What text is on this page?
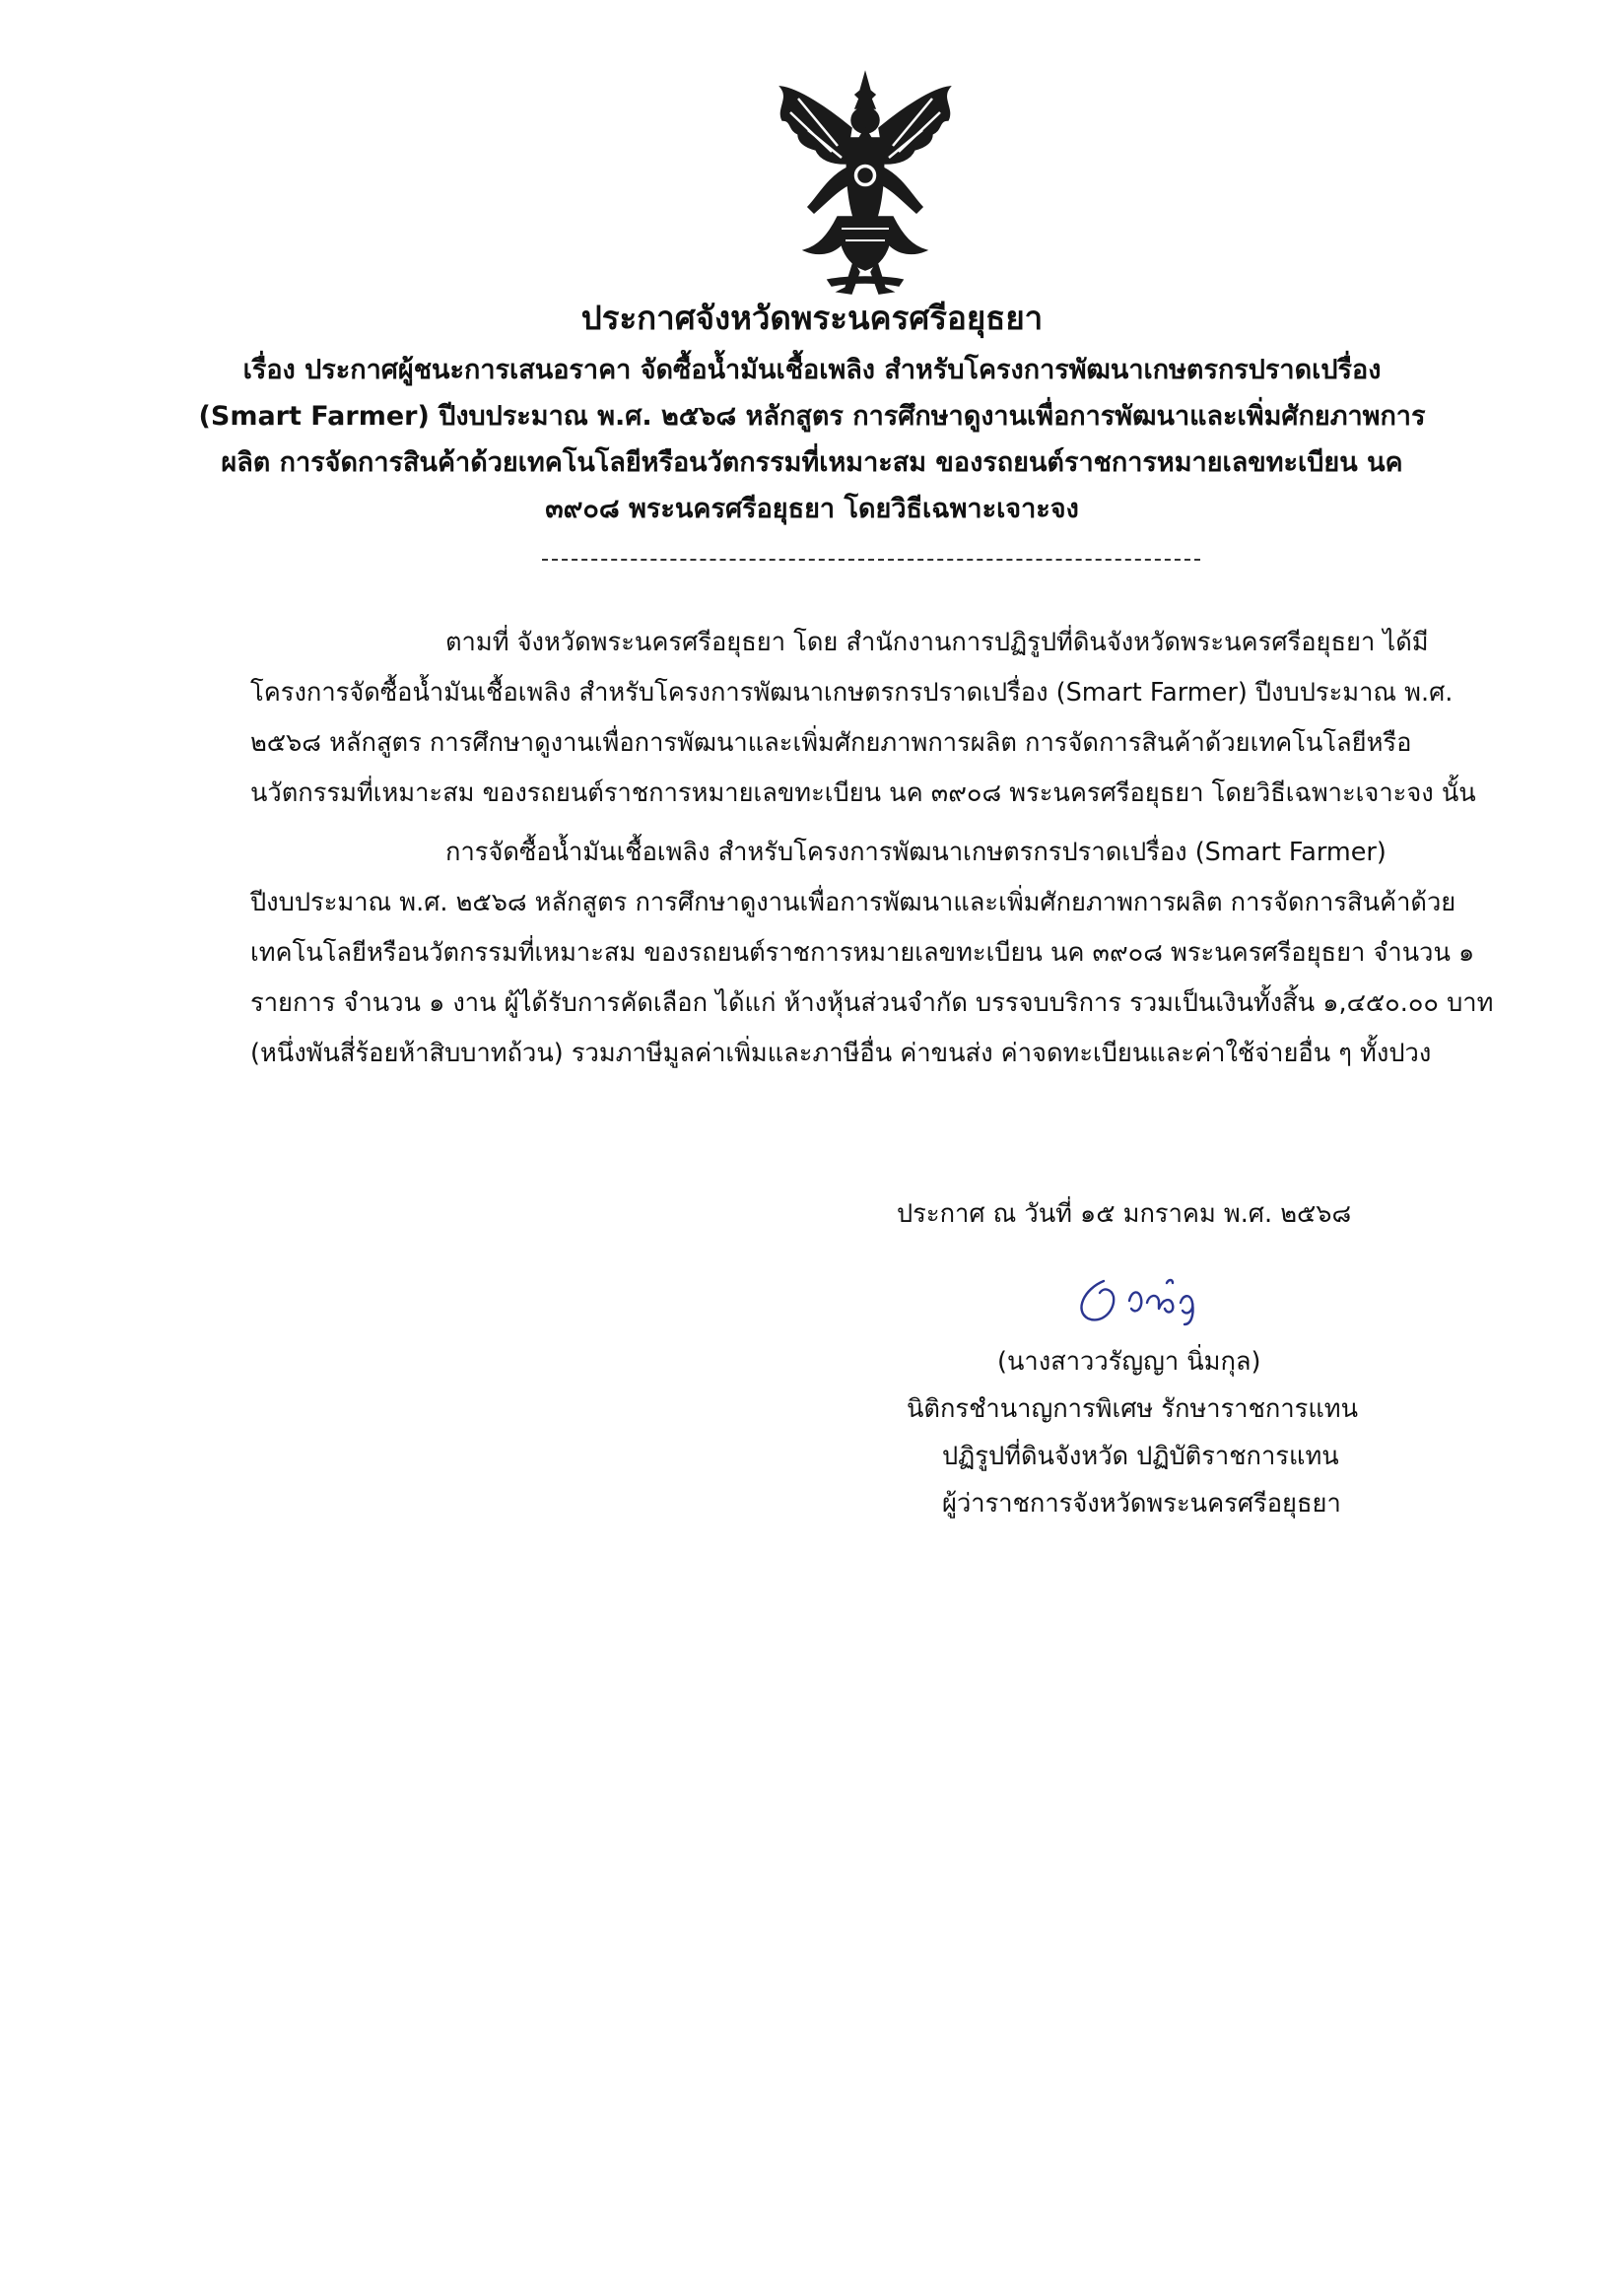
ประกาศจังหวัดพระนครศรีอยุธยา

เรื่อง ประกาศผู้ชนะการเสนอราคา จัดซื้อน้ำมันเชื้อเพลิง สำหรับโครงการพัฒนาเกษตรกรปราดเปรื่อง (Smart Farmer) ปีงบประมาณ พ.ศ. ๒๕๖๘ หลักสูตร การศึกษาดูงานเพื่อการพัฒนาและเพิ่มศักยภาพการผลิต การจัดการสินค้าด้วยเทคโนโลยีหรือนวัตกรรมที่เหมาะสม ของรถยนต์ราชการหมายเลขทะเบียน นค ๓๙๐๘ พระนครศรีอยุธยา โดยวิธีเฉพาะเจาะจง

ตามที่ จังหวัดพระนครศรีอยุธยา โดย สำนักงานการปฏิรูปที่ดินจังหวัดพระนครศรีอยุธยา ได้มีโครงการจัดซื้อน้ำมันเชื้อเพลิง สำหรับโครงการพัฒนาเกษตรกรปราดเปรื่อง (Smart Farmer) ปีงบประมาณ พ.ศ. ๒๕๖๘ หลักสูตร การศึกษาดูงานเพื่อการพัฒนาและเพิ่มศักยภาพการผลิต การจัดการสินค้าด้วยเทคโนโลยีหรือนวัตกรรมที่เหมาะสม ของรถยนต์ราชการหมายเลขทะเบียน นค ๓๙๐๘ พระนครศรีอยุธยา โดยวิธีเฉพาะเจาะจง นั้น

การจัดซื้อน้ำมันเชื้อเพลิง สำหรับโครงการพัฒนาเกษตรกรปราดเปรื่อง (Smart Farmer) ปีงบประมาณ พ.ศ. ๒๕๖๘ หลักสูตร การศึกษาดูงานเพื่อการพัฒนาและเพิ่มศักยภาพการผลิต การจัดการสินค้าด้วยเทคโนโลยีหรือนวัตกรรมที่เหมาะสม ของรถยนต์ราชการหมายเลขทะเบียน นค ๓๙๐๘ พระนครศรีอยุธยา จำนวน ๑ รายการ จำนวน ๑ งาน ผู้ได้รับการคัดเลือก ได้แก่ ห้างหุ้นส่วนจำกัด บรรจบบริการ รวมเป็นเงินทั้งสิ้น ๑,๔๕๐.๐๐ บาท (หนึ่งพันสี่ร้อยห้าสิบบาทถ้วน) รวมภาษีมูลค่าเพิ่มและภาษีอื่น ค่าขนส่ง ค่าจดทะเบียนและค่าใช้จ่ายอื่น ๆ ทั้งปวง

ประกาศ ณ วันที่ ๑๕ มกราคม พ.ศ. ๒๕๖๘
(นางสาววรัญญา นิ่มกุล)
นิติกรชำนาญการพิเศษ รักษาราชการแทน
ปฏิรูปที่ดินจังหวัด ปฏิบัติราชการแทน
ผู้ว่าราชการจังหวัดพระนครศรีอยุธยา
